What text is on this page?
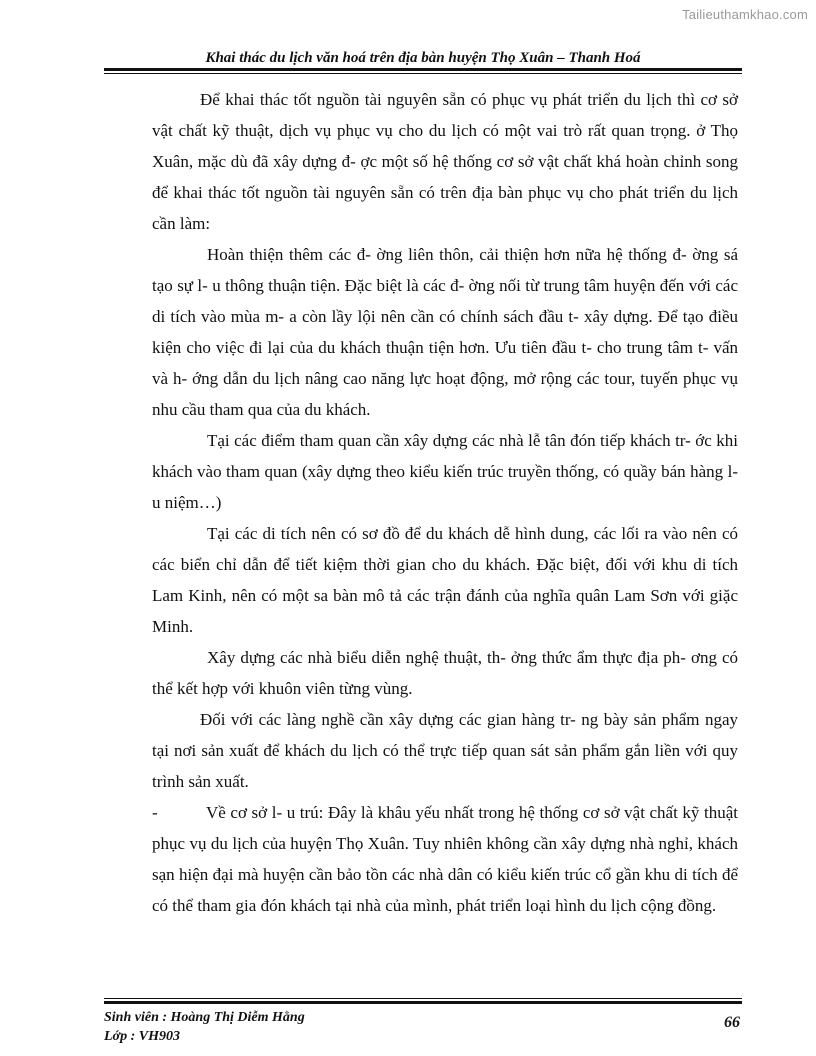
Tailieuthamkhao.com
Khai thác du lịch văn hoá trên địa bàn huyện Thọ Xuân – Thanh Hoá

Để khai thác tốt nguồn tài nguyên sẵn có phục vụ phát triển du lịch thì cơ sở vật chất kỹ thuật, dịch vụ phục vụ cho du lịch có một vai trò rất quan trọng. ở Thọ Xuân, mặc dù đã xây dựng đ- ợc một số hệ thống cơ sở vật chất khá hoàn chỉnh song để khai thác tốt nguồn tài nguyên sẵn có trên địa bàn phục vụ cho phát triển du lịch cần làm:

Hoàn thiện thêm các đ- ờng liên thôn, cải thiện hơn nữa hệ thống đ- ờng sá tạo sự l- u thông thuận tiện. Đặc biệt là các đ- ờng nối từ trung tâm huyện đến với các di tích vào mùa m- a còn lầy lội nên cần có chính sách đầu t- xây dựng. Để tạo điều kiện cho việc đi lại của du khách thuận tiện hơn. Ưu tiên đầu t- cho trung tâm t- vấn và h- ớng dẫn du lịch nâng cao năng lực hoạt động, mở rộng các tour, tuyến phục vụ nhu cầu tham qua của du khách.

Tại các điểm tham quan cần xây dựng các nhà lễ tân đón tiếp khách tr- ớc khi khách vào tham quan (xây dựng theo kiểu kiến trúc truyền thống, có quầy bán hàng l- u niệm…)

Tại các di tích nên có sơ đồ để du khách dễ hình dung, các lối ra vào nên có các biển chỉ dẫn để tiết kiệm thời gian cho du khách. Đặc biệt, đối với khu di tích Lam Kinh, nên có một sa bàn mô tả các trận đánh của nghĩa quân Lam Sơn với giặc Minh.

Xây dựng các nhà biểu diễn nghệ thuật, th- ởng thức ẩm thực địa ph- ơng có thể kết hợp với khuôn viên từng vùng.

Đối với các làng nghề cần xây dựng các gian hàng tr- ng bày sản phẩm ngay tại nơi sản xuất để khách du lịch có thể trực tiếp quan sát sản phẩm gắn liền với quy trình sản xuất.

-	Về cơ sở l- u trú: Đây là khâu yếu nhất trong hệ thống cơ sở vật chất kỹ thuật phục vụ du lịch của huyện Thọ Xuân. Tuy nhiên không cần xây dựng nhà nghỉ, khách sạn hiện đại mà huyện cần bảo tồn các nhà dân có kiểu kiến trúc cổ gần khu di tích để có thể tham gia đón khách tại nhà của mình, phát triển loại hình du lịch cộng đồng.

Sinh viên : Hoàng Thị Diễm Hằng
Lớp : VH903
66
